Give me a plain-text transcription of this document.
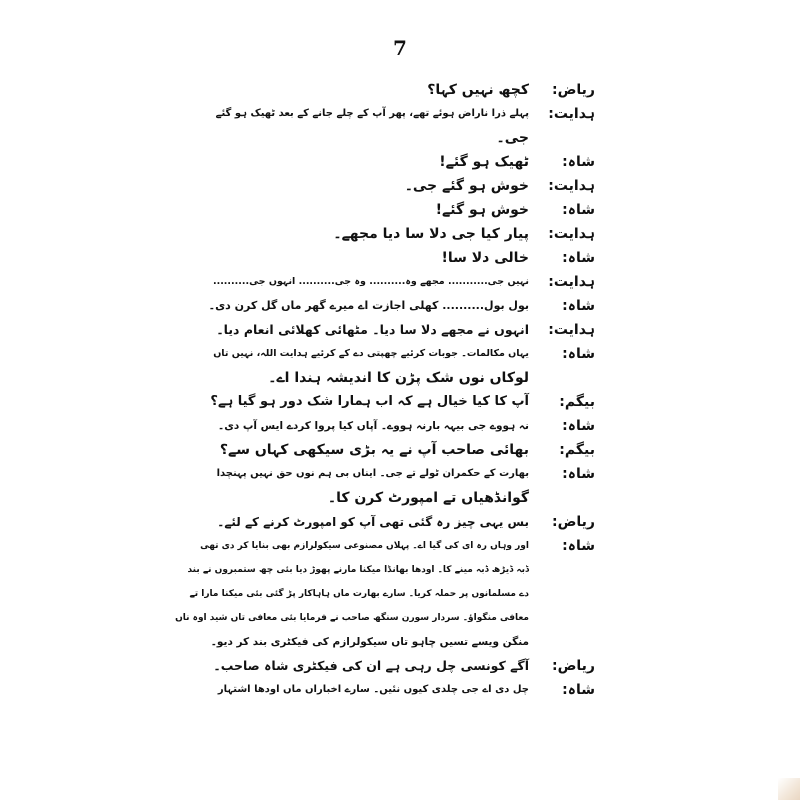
7
ریاض:
کچھ نہیں کہا؟
ہدایت:
پہلے ذرا ناراض ہوئے تھے، پھر آپ کے چلے جانے کے بعد ٹھیک ہو گئے
جی۔
شاہ:
ٹھیک ہو گئے!
ہدایت:
خوش ہو گئے جی۔
شاہ:
خوش ہو گئے!
ہدایت:
پیار کیا جی دلا سا دیا مجھے۔
شاہ:
خالی دلا سا!
ہدایت:
نہیں جی........... مجھے وہ.......... وہ جی.......... انہوں جی..........
شاہ:
بول بول.......... کھلی اجازت اے میرے گھر ماں گل کرن دی۔
ہدایت:
انہوں نے مجھے دلا سا دیا۔ مٹھائی کھلائی انعام دیا۔
شاہ:
یہاں مکالمات۔ جوبات کرئیے چھپتی دے کے کرئیے ہدایت اللہ، نہیں تاں
لوکاں نوں شک پڑن کا اندیشہ ہندا اے۔
بیگم:
آپ کا کیا خیال ہے کہ اب ہمارا شک دور ہو گیا ہے؟
شاہ:
نہ ہووے جی بیہہ بارنہ ہووے۔ آپاں کیا پروا کردے ایس آپ دی۔
بیگم:
بھائی صاحب آپ نے یہ بڑی سیکھی کہاں سے؟
شاہ:
بھارت کے حکمران ٹولے تے جی۔ ایناں بی ہم نوں حق نہیں پہنچدا
گوانڈھیاں تے امپورٹ کرن کا۔
ریاض:
بس یہی چیز رہ گئی تھی آپ کو امپورٹ کرنے کے لئے۔
شاہ:
اور وہاں رہ ای کی گیا اے۔ پہلاں مصنوعی سیکولرازم بھی بنایا کر دی تھی
ڈبہ ڈیڑھ ڈبہ مینے کا۔ اودھا بھانڈا میکنا مارنے پھوڑ دیا بئی چھ ستمبروں نے بند
دے مسلمانوں پر حملہ کریا۔ سارے بھارت ماں ہاہاکار پڑ گئی بئی میکنا مارا تے
معافی منگواؤ۔ سردار سورن سنگھ صاحب نے فرمایا بئی معافی تاں شید اوہ ناں
منگن ویسے تسیں چاہو تاں سیکولرازم کی فیکٹری بند کر دیو۔
ریاض:
آگے کونسی چل رہی ہے ان کی فیکٹری شاہ صاحب۔
شاہ:
چل دی اے جی چلدی کیوں نئیں۔ سارے اخباراں ماں اودھا اشتہار
